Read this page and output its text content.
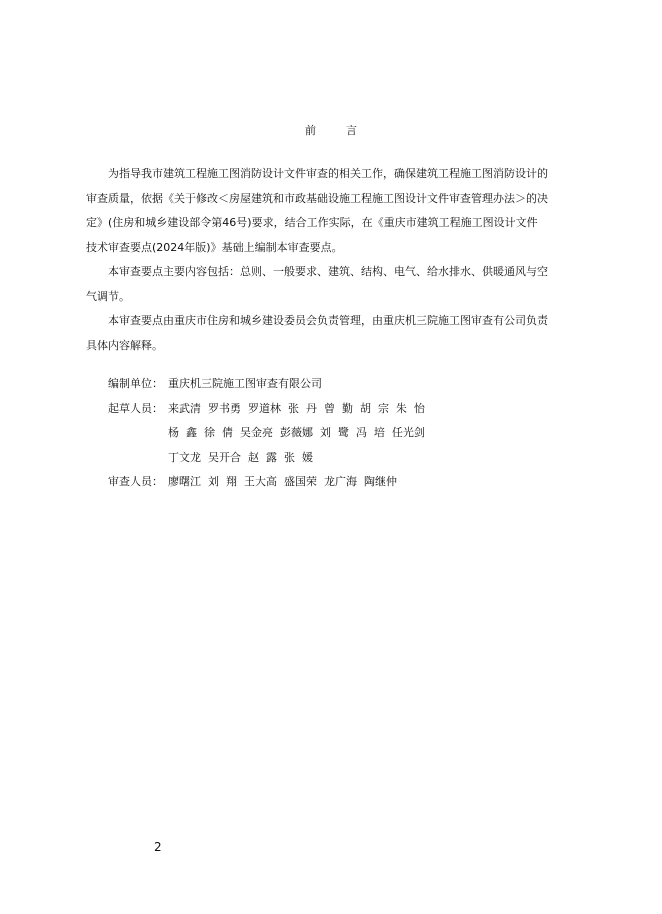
前	言
为指导我市建筑工程施工图消防设计文件审查的相关工作，确保建筑工程施工图消防设计的
审查质量，依据《关于修改＜房屋建筑和市政基础设施工程施工图设计文件审查管理办法＞的决
定》(住房和城乡建设部令第46号)要求，结合工作实际，在《重庆市建筑工程施工图设计文件
技术审查要点(2024年版)》基础上编制本审查要点。
本审查要点主要内容包括：总则、一般要求、建筑、结构、电气、给水排水、供暖通风与空
气调节。
本审查要点由重庆市住房和城乡建设委员会负责管理，由重庆机三院施工图审查有公司负责
具体内容解释。
编制单位： 重庆机三院施工图审查有限公司
起草人员： 来武清  罗书勇  罗道林  张  丹  曾  勤  胡  宗  朱  怡
杨  鑫  徐  倩  吴金亮  彭薇娜  刘  鹭  冯  培  任光剑
丁文龙  吴开合  赵  露  张  媛
审查人员： 廖曙江  刘  翔  王大高  盛国荣  龙广海  陶继仲
2
